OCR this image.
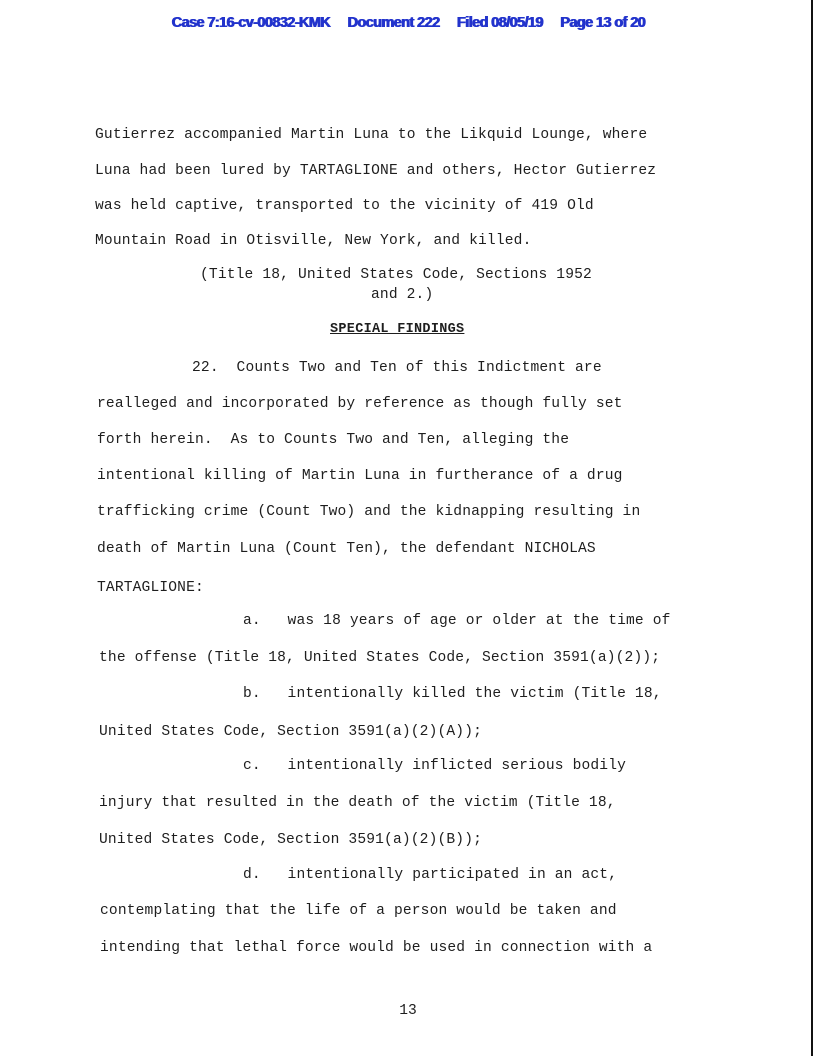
Case 7:16-cv-00832-KMK Document 222 Filed 08/05/19 Page 13 of 20
Gutierrez accompanied Martin Luna to the Likquid Lounge, where
Luna had been lured by TARTAGLIONE and others, Hector Gutierrez
was held captive, transported to the vicinity of 419 Old
Mountain Road in Otisville, New York, and killed.
(Title 18, United States Code, Sections 1952
and 2.)
SPECIAL FINDINGS
22.  Counts Two and Ten of this Indictment are
realleged and incorporated by reference as though fully set
forth herein.  As to Counts Two and Ten, alleging the
intentional killing of Martin Luna in furtherance of a drug
trafficking crime (Count Two) and the kidnapping resulting in
death of Martin Luna (Count Ten), the defendant NICHOLAS
TARTAGLIONE:
a.   was 18 years of age or older at the time of
the offense (Title 18, United States Code, Section 3591(a)(2));
b.   intentionally killed the victim (Title 18,
United States Code, Section 3591(a)(2)(A));
c.   intentionally inflicted serious bodily
injury that resulted in the death of the victim (Title 18,
United States Code, Section 3591(a)(2)(B));
d.   intentionally participated in an act,
contemplating that the life of a person would be taken and
intending that lethal force would be used in connection with a
13
